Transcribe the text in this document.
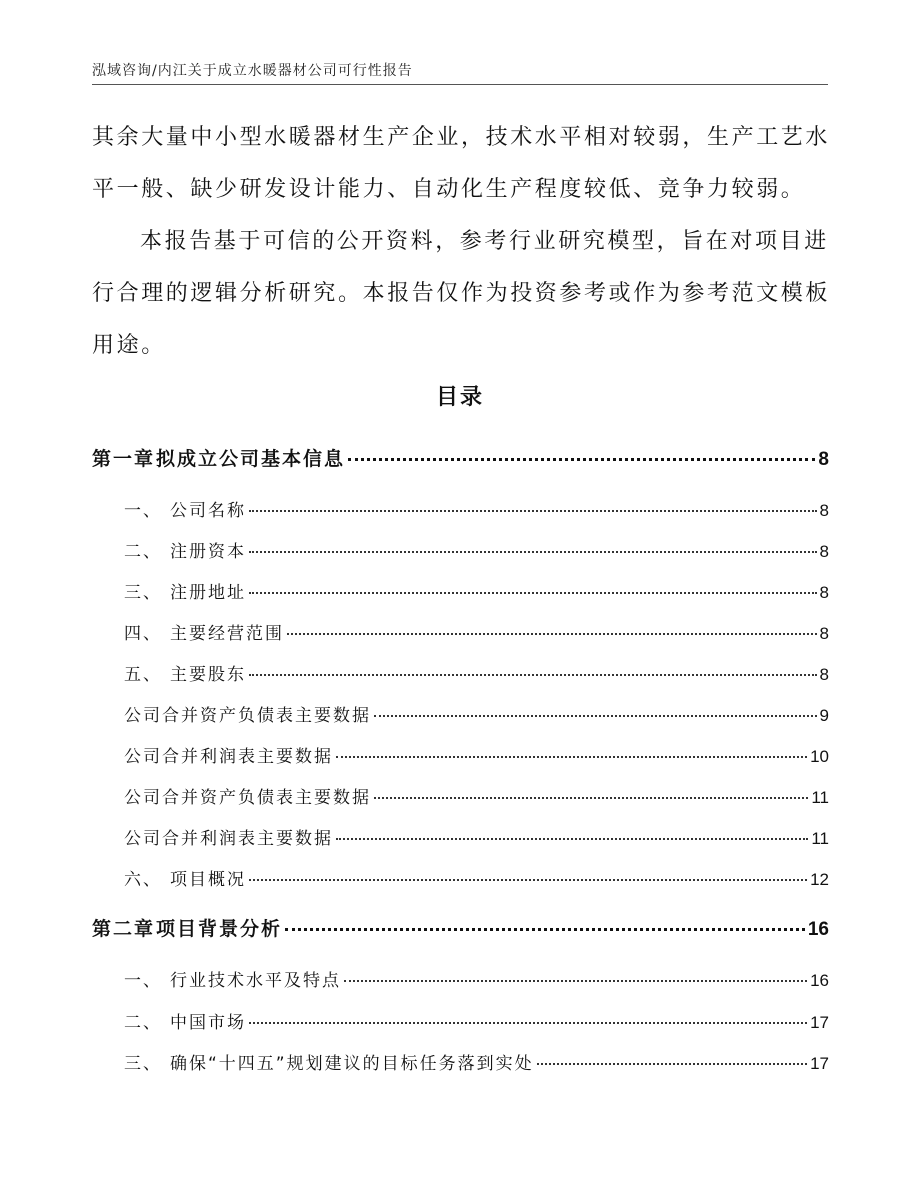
泓域咨询/内江关于成立水暖器材公司可行性报告

其余大量中小型水暖器材生产企业，技术水平相对较弱，生产工艺水平一般、缺少研发设计能力、自动化生产程度较低、竞争力较弱。

本报告基于可信的公开资料，参考行业研究模型，旨在对项目进行合理的逻辑分析研究。本报告仅作为投资参考或作为参考范文模板用途。

目录
第一章 拟成立公司基本信息	8
一、 公司名称	8
二、 注册资本	8
三、 注册地址	8
四、 主要经营范围	8
五、 主要股东	8
公司合并资产负债表主要数据	9
公司合并利润表主要数据	10
公司合并资产负债表主要数据	11
公司合并利润表主要数据	11
六、 项目概况	12
第二章 项目背景分析	16
一、 行业技术水平及特点	16
二、 中国市场	17
三、 确保“十四五”规划建议的目标任务落到实处	17
